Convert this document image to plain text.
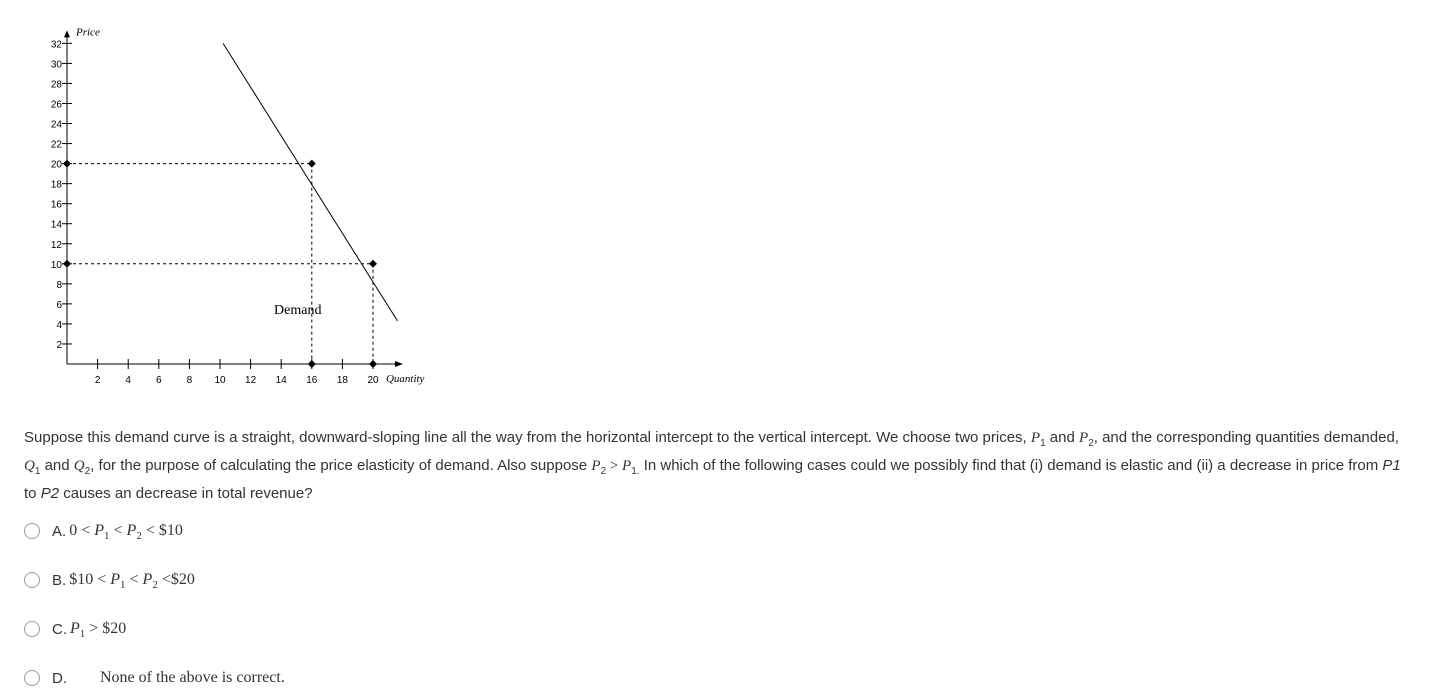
2
4
6
8
10
12
14
16
18
20
22
24
26
28
30
32
2	4	6	8 10 12 14 16 18 20
Price
Quantity
Demand

Suppose this demand curve is a straight, downward-sloping line all the way from the horizontal intercept to the vertical intercept. We choose two prices, $P_1$ and $P_2$, and the corresponding quantities demanded, $Q_1$ and $Q_2$, for the purpose of calculating the price elasticity of demand. Also suppose $P_2 > P_{1.}$ In which of the following cases could we possibly find that (i) demand is elastic and (ii) a decrease in price from P1 to P2 causes an decrease in total revenue?

A. $0 < P_1 < P_2$ < $10
B. $10 < $P_1 < P_2$ <$20
C. $P_1$ > $20
D. None of the above is correct.
